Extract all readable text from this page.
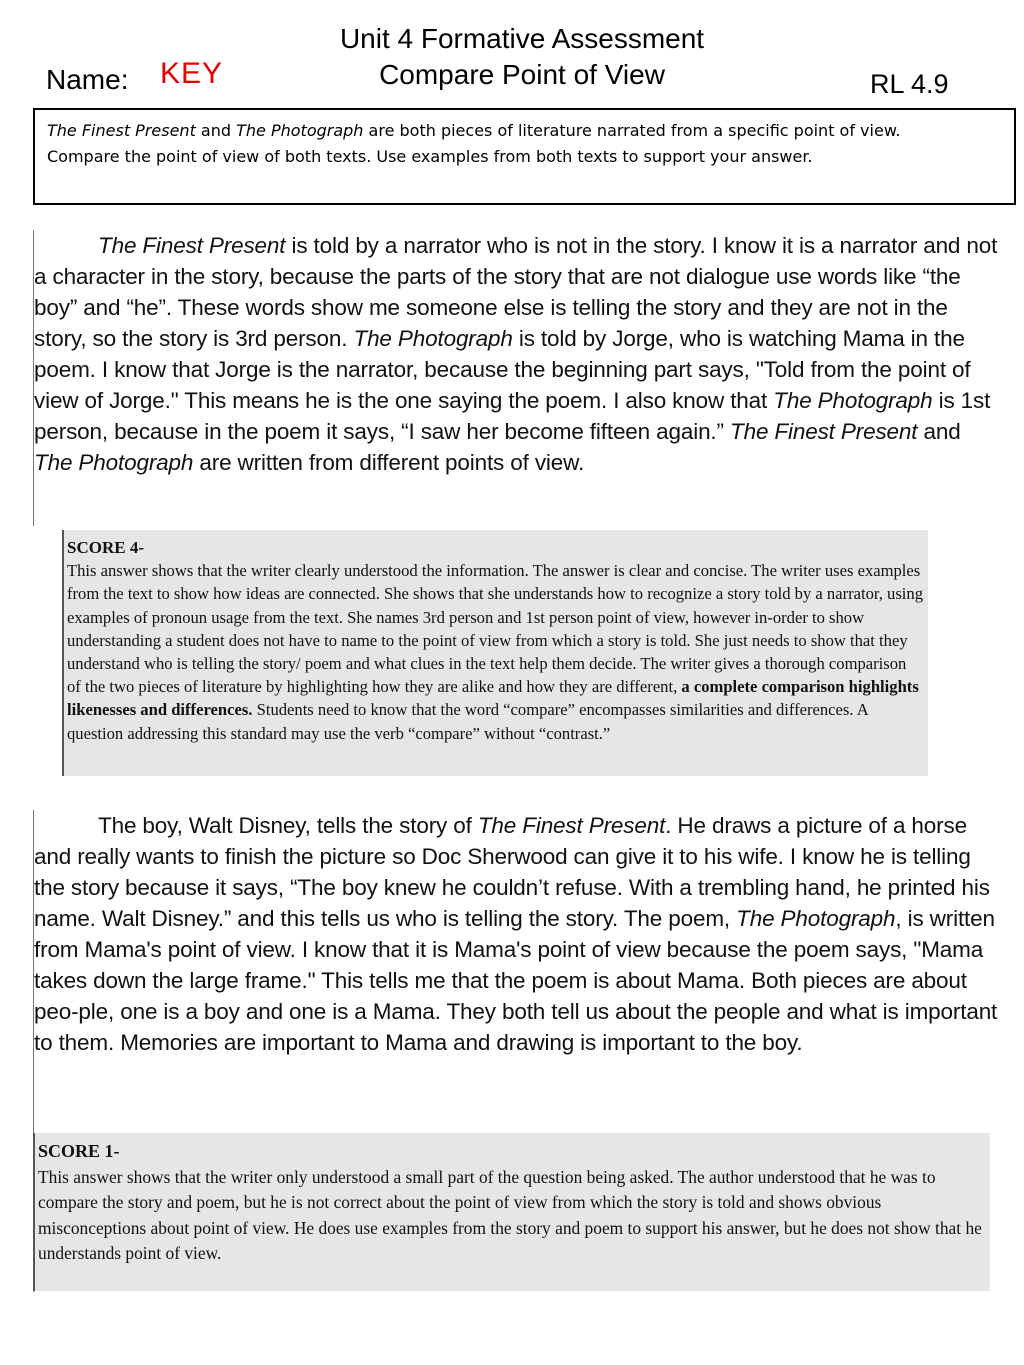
Unit 4 Formative Assessment
Compare Point of View
Name: KEY	RL 4.9

The Finest Present and The Photograph are both pieces of literature narrated from a specific point of view.

Compare the point of view of both texts. Use examples from both texts to support your answer.

The Finest Present is told by a narrator who is not in the story. I know it is a narrator and not a character in the story, because the parts of the story that are not dialogue use words like “the boy” and “he”. These words show me someone else is telling the story and they are not in the story, so the story is 3rd person. The Photograph is told by Jorge, who is watching Mama in the poem. I know that Jorge is the narrator, because the beginning part says, "Told from the point of view of Jorge." This means he is the one saying the poem. I also know that The Photograph is 1st person, because in the poem it says, “I saw her become fifteen again.” The Finest Present and The Photograph are written from different points of view.

SCORE 4-

This answer shows that the writer clearly understood the information. The answer is clear and concise. The writer uses examples from the text to show how ideas are connected. She shows that she understands how to recognize a story told by a narrator, using examples of pronoun usage from the text. She names 3rd person and 1st person point of view, however in-order to show understanding a student does not have to name to the point of view from which a story is told. She just needs to show that they understand who is telling the story/ poem and what clues in the text help them decide. The writer gives a thorough comparison of the two pieces of literature by highlighting how they are alike and how they are different, a complete comparison highlights likenesses and differences. Students need to know that the word “compare” encompasses similarities and differences. A question addressing this standard may use the verb “compare” without “contrast.”

The boy, Walt Disney, tells the story of The Finest Present. He draws a picture of a horse and really wants to finish the picture so Doc Sherwood can give it to his wife. I know he is telling the story because it says, “The boy knew he couldn’t refuse. With a trembling hand, he printed his name. Walt Disney.” and this tells us who is telling the story. The poem, The Photograph, is written from Mama's point of view. I know that it is Mama's point of view because the poem says, "Mama takes down the large frame." This tells me that the poem is about Mama. Both pieces are about peo-ple, one is a boy and one is a Mama. They both tell us about the people and what is important to them. Memories are important to Mama and drawing is important to the boy.

SCORE 1-

This answer shows that the writer only understood a small part of the question being asked. The author understood that he was to compare the story and poem, but he is not correct about the point of view from which the story is told and shows obvious misconceptions about point of view. He does use examples from the story and poem to support his answer, but he does not show that he understands point of view.
